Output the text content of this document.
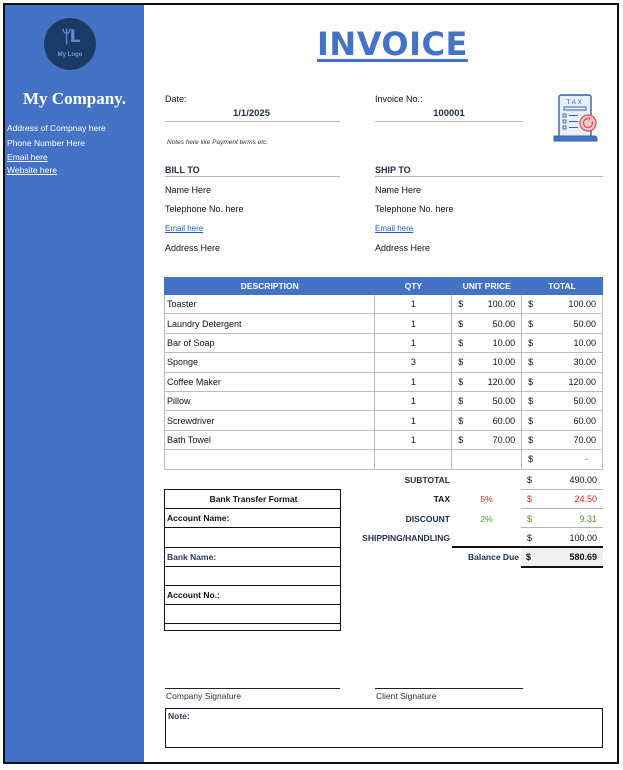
ᛘL
My Logo
My Company.
Address of Compnay here
Phone Number Here
Email here
Website here
INVOICE
Date:
1/1/2025
Invoice No.:
100001
Notes here like Payment terms etc.
TAX
BILL TO
Name Here
Telephone No. here
Email here
Address Here
SHIP TO
Name Here
Telephone No. here
Email here
Address Here
DESCRIPTION	QTY	UNIT PRICE	TOTAL
Toaster	1	$ 100.00	$ 100.00

Laundry Detergent	1	$ 50.00	$ 50.00

Bar of Soap	1	$ 10.00	$ 10.00

Sponge	3	$ 10.00	$ 30.00

Coffee Maker	1	$ 120.00	$ 120.00

Pillow	1	$ 50.00	$ 50.00

Screwdriver	1	$ 60.00	$ 60.00

Bath Towel	1	$ 70.00	$ 70.00

			$ -
SUBTOTAL	$	490.00
TAX	5%	$	24.50
DISCOUNT	2%	$	9.31
SHIPPING/HANDLING	$	100.00
Balance Due $	580.69
Bank Transfer Format
Account Name:
Bank Name:
Account No.:
Company Signature	Client Signature
Note:
